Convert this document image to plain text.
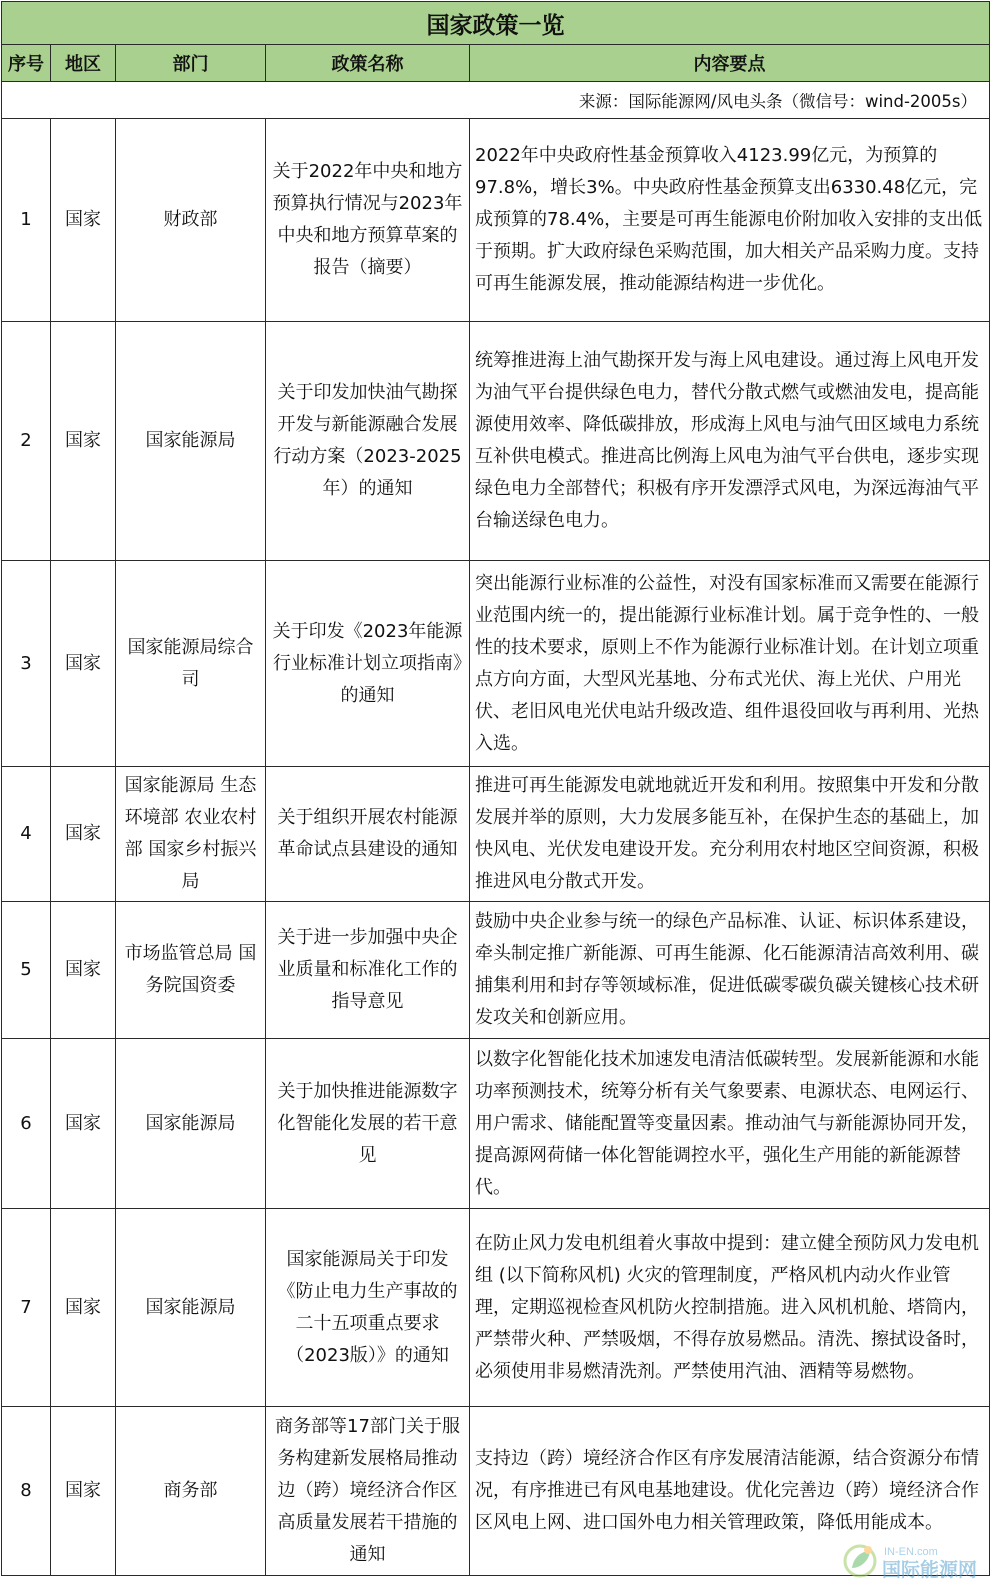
国家政策一览				
序号	地区	部门	政策名称	内容要点
来源：国际能源网/风电头条（微信号：wind-2005s）				
1	国家	财政部	关于2022年中央和地方预算执行情况与2023年中央和地方预算草案的报告（摘要）	2022年中央政府性基金预算收入4123.99亿元，为预算的97.8%，增长3%。中央政府性基金预算支出6330.48亿元，完成预算的78.4%，主要是可再生能源电价附加收入安排的支出低于预期。扩大政府绿色采购范围，加大相关产品采购力度。支持可再生能源发展，推动能源结构进一步优化。
2	国家	国家能源局	关于印发加快油气勘探开发与新能源融合发展行动方案（2023-2025年）的通知	统筹推进海上油气勘探开发与海上风电建设。通过海上风电开发为油气平台提供绿色电力，替代分散式燃气或燃油发电，提高能源使用效率、降低碳排放，形成海上风电与油气田区域电力系统互补供电模式。推进高比例海上风电为油气平台供电，逐步实现绿色电力全部替代；积极有序开发漂浮式风电，为深远海油气平台输送绿色电力。
3	国家	国家能源局综合司	关于印发《2023年能源行业标准计划立项指南》的通知	突出能源行业标准的公益性，对没有国家标准而又需要在能源行业范围内统一的，提出能源行业标准计划。属于竞争性的、一般性的技术要求，原则上不作为能源行业标准计划。在计划立项重点方向方面，大型风光基地、分布式光伏、海上光伏、户用光伏、老旧风电光伏电站升级改造、组件退役回收与再利用、光热入选。
4	国家	国家能源局 生态环境部 农业农村部 国家乡村振兴局	关于组织开展农村能源革命试点县建设的通知	推进可再生能源发电就地就近开发和利用。按照集中开发和分散发展并举的原则，大力发展多能互补，在保护生态的基础上，加快风电、光伏发电建设开发。充分利用农村地区空间资源，积极推进风电分散式开发。
5	国家	市场监管总局 国务院国资委	关于进一步加强中央企业质量和标准化工作的指导意见	鼓励中央企业参与统一的绿色产品标准、认证、标识体系建设，牵头制定推广新能源、可再生能源、化石能源清洁高效利用、碳捕集利用和封存等领域标准，促进低碳零碳负碳关键核心技术研发攻关和创新应用。
6	国家	国家能源局	关于加快推进能源数字化智能化发展的若干意见	以数字化智能化技术加速发电清洁低碳转型。发展新能源和水能功率预测技术，统筹分析有关气象要素、电源状态、电网运行、用户需求、储能配置等变量因素。推动油气与新能源协同开发，提高源网荷储一体化智能调控水平，强化生产用能的新能源替代。
7	国家	国家能源局	国家能源局关于印发《防止电力生产事故的二十五项重点要求（2023版）》的通知	在防止风力发电机组着火事故中提到：建立健全预防风力发电机组 (以下简称风机) 火灾的管理制度，严格风机内动火作业管理，定期巡视检查风机防火控制措施。进入风机机舱、塔筒内，严禁带火种、严禁吸烟，不得存放易燃品。清洗、擦拭设备时，必须使用非易燃清洗剂。严禁使用汽油、酒精等易燃物。
8	国家	商务部	商务部等17部门关于服务构建新发展格局推动边（跨）境经济合作区高质量发展若干措施的通知	支持边（跨）境经济合作区有序发展清洁能源，结合资源分布情况，有序推进已有风电基地建设。优化完善边（跨）境经济合作区风电上网、进口国外电力相关管理政策，降低用能成本。
IN-EN.com
国际能源网
